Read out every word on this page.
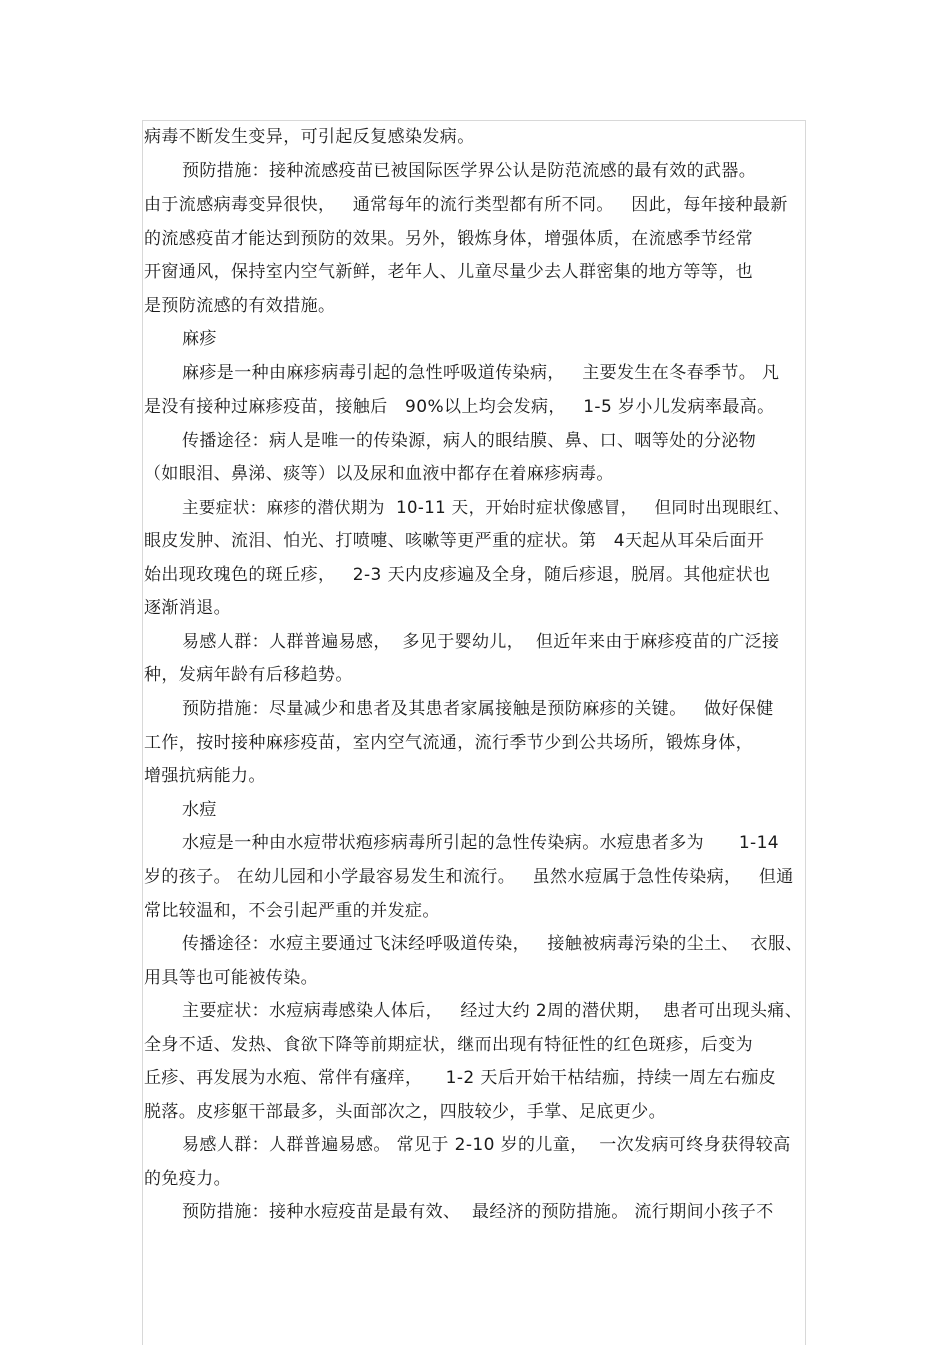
病毒不断发生变异，可引起反复感染发病。
预防措施：接种流感疫苗已被国际医学界公认是防范流感的最有效的武器。
由于流感病毒变异很快，   通常每年的流行类型都有所不同。   因此，每年接种最新
的流感疫苗才能达到预防的效果。另外，锻炼身体，增强体质，在流感季节经常
开窗通风，保持室内空气新鲜，老年人、儿童尽量少去人群密集的地方等等，也
是预防流感的有效措施。
麻疹
麻疹是一种由麻疹病毒引起的急性呼吸道传染病，   主要发生在冬春季节。 凡
是没有接种过麻疹疫苗，接触后   90%以上均会发病，   1-5 岁小儿发病率最高。
传播途径：病人是唯一的传染源，病人的眼结膜、鼻、口、咽等处的分泌物
（如眼泪、鼻涕、痰等）以及尿和血液中都存在着麻疹病毒。
主要症状：麻疹的潜伏期为  10-11 天，开始时症状像感冒，   但同时出现眼红、
眼皮发肿、流泪、怕光、打喷嚏、咳嗽等更严重的症状。第   4天起从耳朵后面开
始出现玫瑰色的斑丘疹，   2-3 天内皮疹遍及全身，随后疹退，脱屑。其他症状也
逐渐消退。
易感人群：人群普遍易感，  多见于婴幼儿，  但近年来由于麻疹疫苗的广泛接
种，发病年龄有后移趋势。
预防措施：尽量减少和患者及其患者家属接触是预防麻疹的关键。   做好保健
工作，按时接种麻疹疫苗，室内空气流通，流行季节少到公共场所，锻炼身体，
增强抗病能力。
水痘
水痘是一种由水痘带状疱疹病毒所引起的急性传染病。水痘患者多为      1-14
岁的孩子。 在幼儿园和小学最容易发生和流行。   虽然水痘属于急性传染病，   但通
常比较温和，不会引起严重的并发症。
传播途径：水痘主要通过飞沫经呼吸道传染，   接触被病毒污染的尘土、  衣服、
用具等也可能被传染。
主要症状：水痘病毒感染人体后，   经过大约 2周的潜伏期，  患者可出现头痛、
全身不适、发热、食欲下降等前期症状，继而出现有特征性的红色斑疹，后变为
丘疹、再发展为水疱、常伴有瘙痒，    1-2 天后开始干枯结痂，持续一周左右痂皮
脱落。皮疹躯干部最多，头面部次之，四肢较少，手掌、足底更少。
易感人群：人群普遍易感。 常见于 2-10 岁的儿童，  一次发病可终身获得较高
的免疫力。
预防措施：接种水痘疫苗是最有效、  最经济的预防措施。 流行期间小孩子不
